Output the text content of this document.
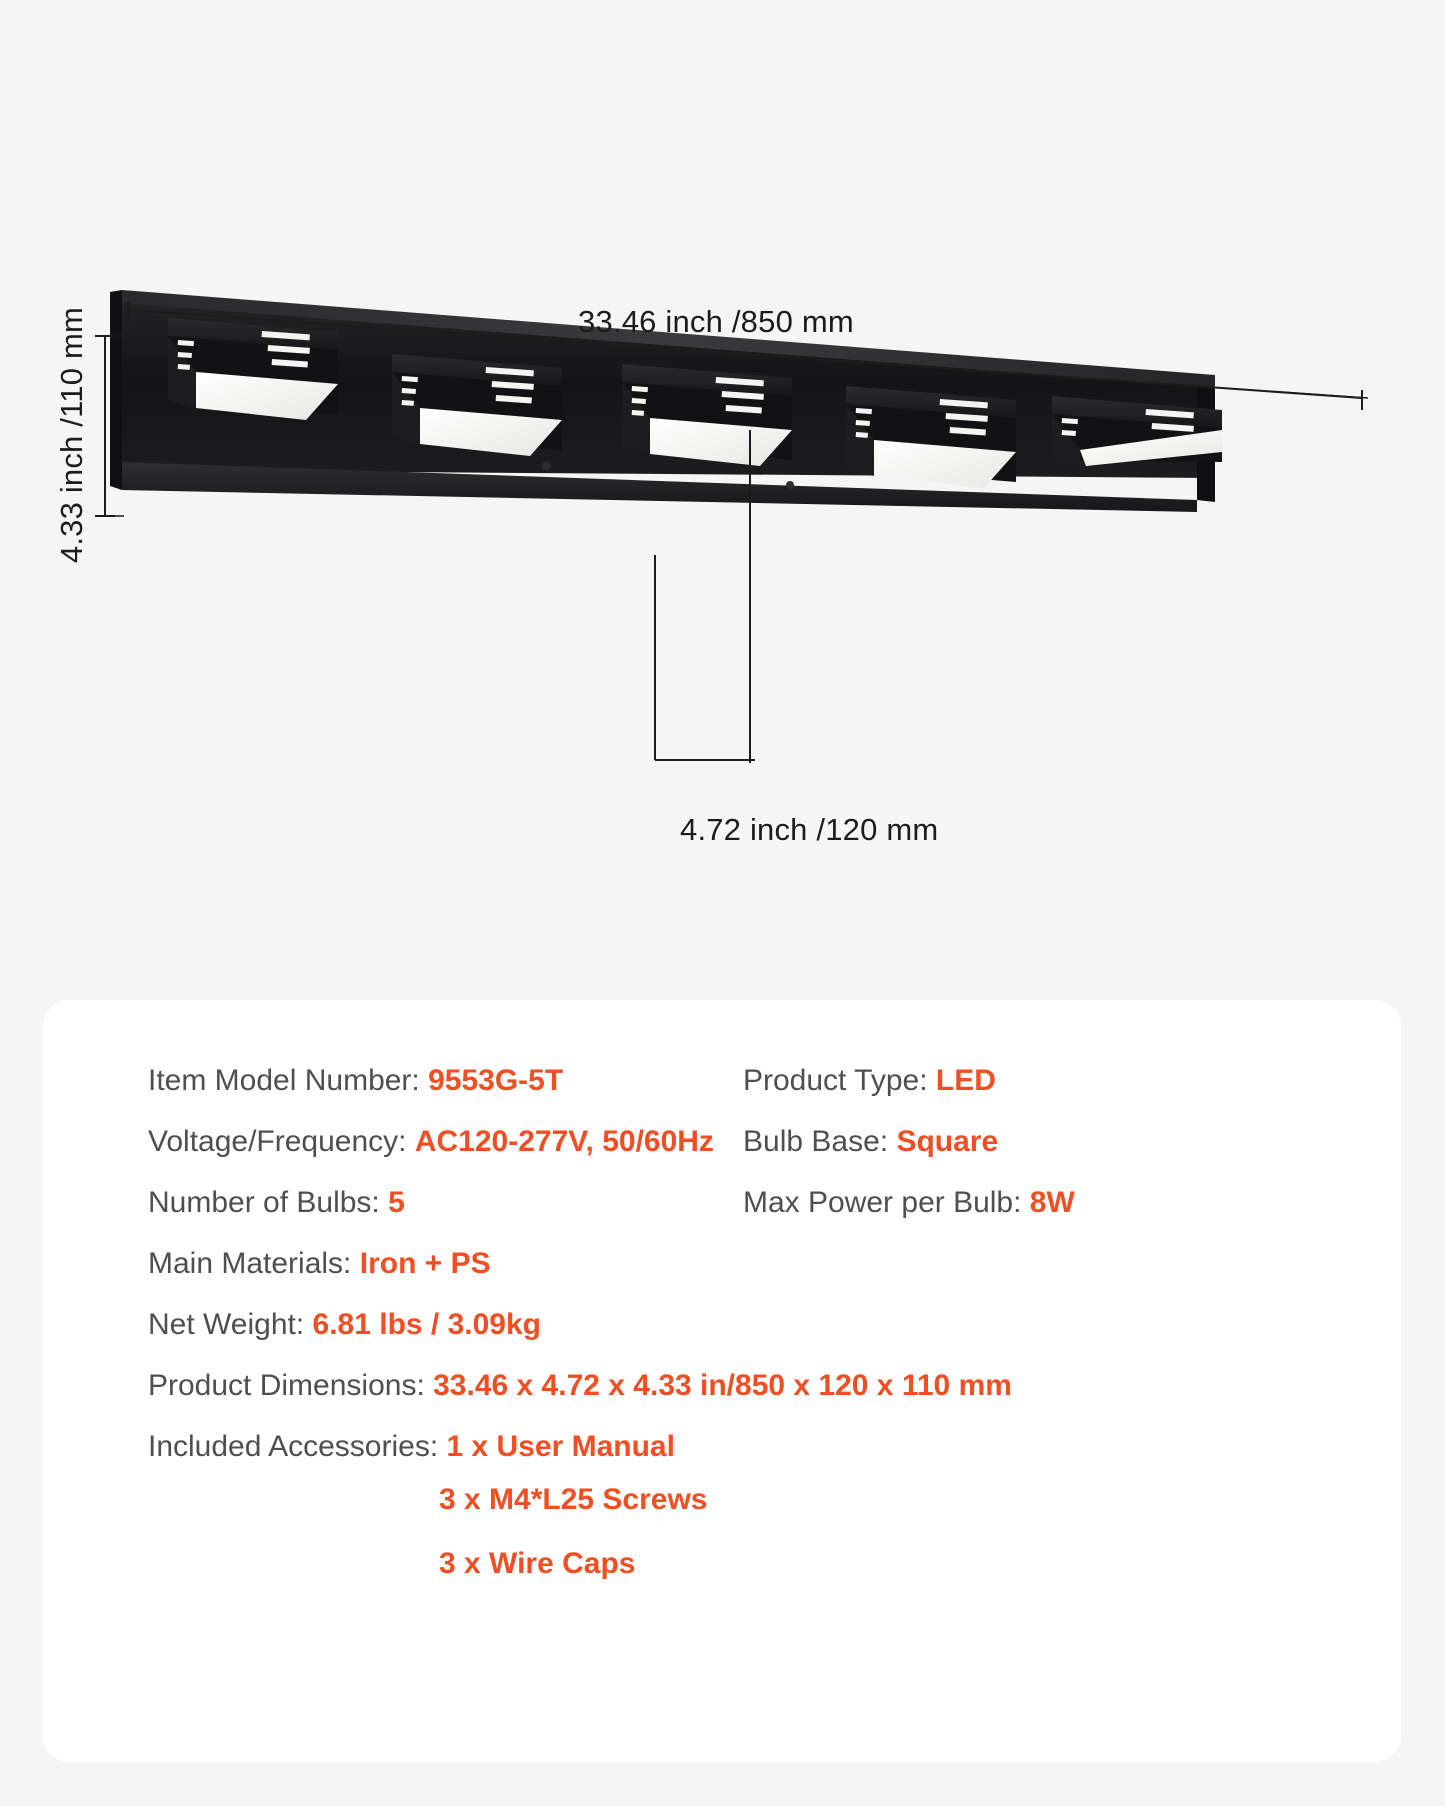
33.46 inch /850 mm
4.33 inch /110 mm
4.72 inch /120 mm
Item Model Number: 9553G-5T	Product Type: LED
Voltage/Frequency: AC120-277V, 50/60Hz Bulb Base: Square
Number of Bulbs: 5	Max Power per Bulb: 8W
Main Materials: Iron + PS
Net Weight: 6.81 lbs / 3.09kg
Product Dimensions: 33.46 x 4.72 x 4.33 in/850 x 120 x 110 mm
Included Accessories: 1 x User Manual
3 x M4*L25 Screws
3 x Wire Caps
